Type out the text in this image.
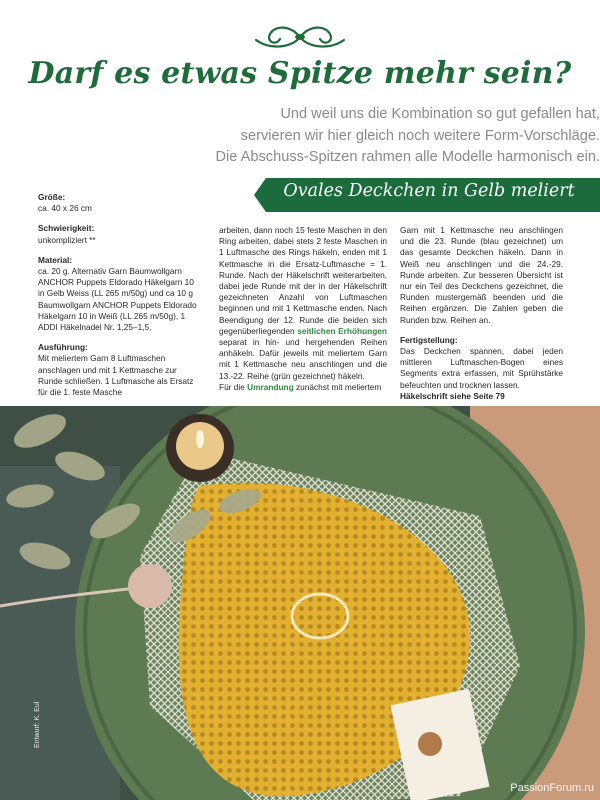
Darf es etwas Spitze mehr sein?
Und weil uns die Kombination so gut gefallen hat,
servieren wir hier gleich noch weitere Form-Vorschläge.
Die Abschuss-Spitzen rahmen alle Modelle harmonisch ein.
Ovales Deckchen in Gelb meliert

Größe:

ca. 40 x 26 cm

Schwierigkeit:

unkompliziert **

Material:

ca. 20 g. Alternativ Garn Baumwollgarn ANCHOR Puppets Eldorado Häkelgarn 10 in Gelb Weiss (LL 265 m/50g) und ca 10 g Baumwollgarn ANCHOR Puppets Eldorado Häkelgarn 10 in Weiß (LL 265 m/50g), 1 ADDI Häkelnadel Nr. 1,25–1,5.

Ausführung:

Mit meliertem Garn 8 Luftmaschen anschlagen und mit 1 Kettmasche zur Runde schließen. 1 Luftmasche als Ersatz für die 1. feste Masche

arbeiten, dann noch 15 feste Maschen in den Ring arbeiten, dabei stets 2 feste Maschen in 1 Luftmasche des Rings häkeln, enden mit 1 Kettmasche in die Ersatz-Luftmasche = 1. Runde. Nach der Häkelschrift weiterarbeiten, dabei jede Runde mit der in der Häkelschrift gezeichneten Anzahl von Luftmaschen beginnen und mit 1 Kettmasche enden. Nach Beendigung der 12. Runde die beiden sich gegenüberliegenden seitlichen Erhöhungen separat in hin- und hergehenden Reihen anhäkeln. Dafür jeweils mit meliertem Garn mit 1 Kettmasche neu anschlingen und die 13.-22. Reihe (grün gezeichnet) häkeln.

Für die Umrandung zunächst mit meliertem

Garn mit 1 Kettmasche neu anschlingen und die 23. Runde (blau gezeichnet) um das gesamte Deckchen häkeln. Dann in Weiß neu anschlingen und die 24.-29. Runde arbeiten. Zur besseren Übersicht ist nur ein Teil des Deckchens gezeichnet, die Runden mustergemäß beenden und die Reihen ergänzen. Die Zahlen geben die Runden bzw. Reihen an.

Fertigstellung:

Das Deckchen spannen, dabei jeden mittleren Luftmaschen-Bogen eines Segments extra erfassen, mit Sprühstärke befeuchten und trocknen lassen.

Häkelschrift siehe Seite 79

Entwurf: K. Eul
PassionForum.ru
